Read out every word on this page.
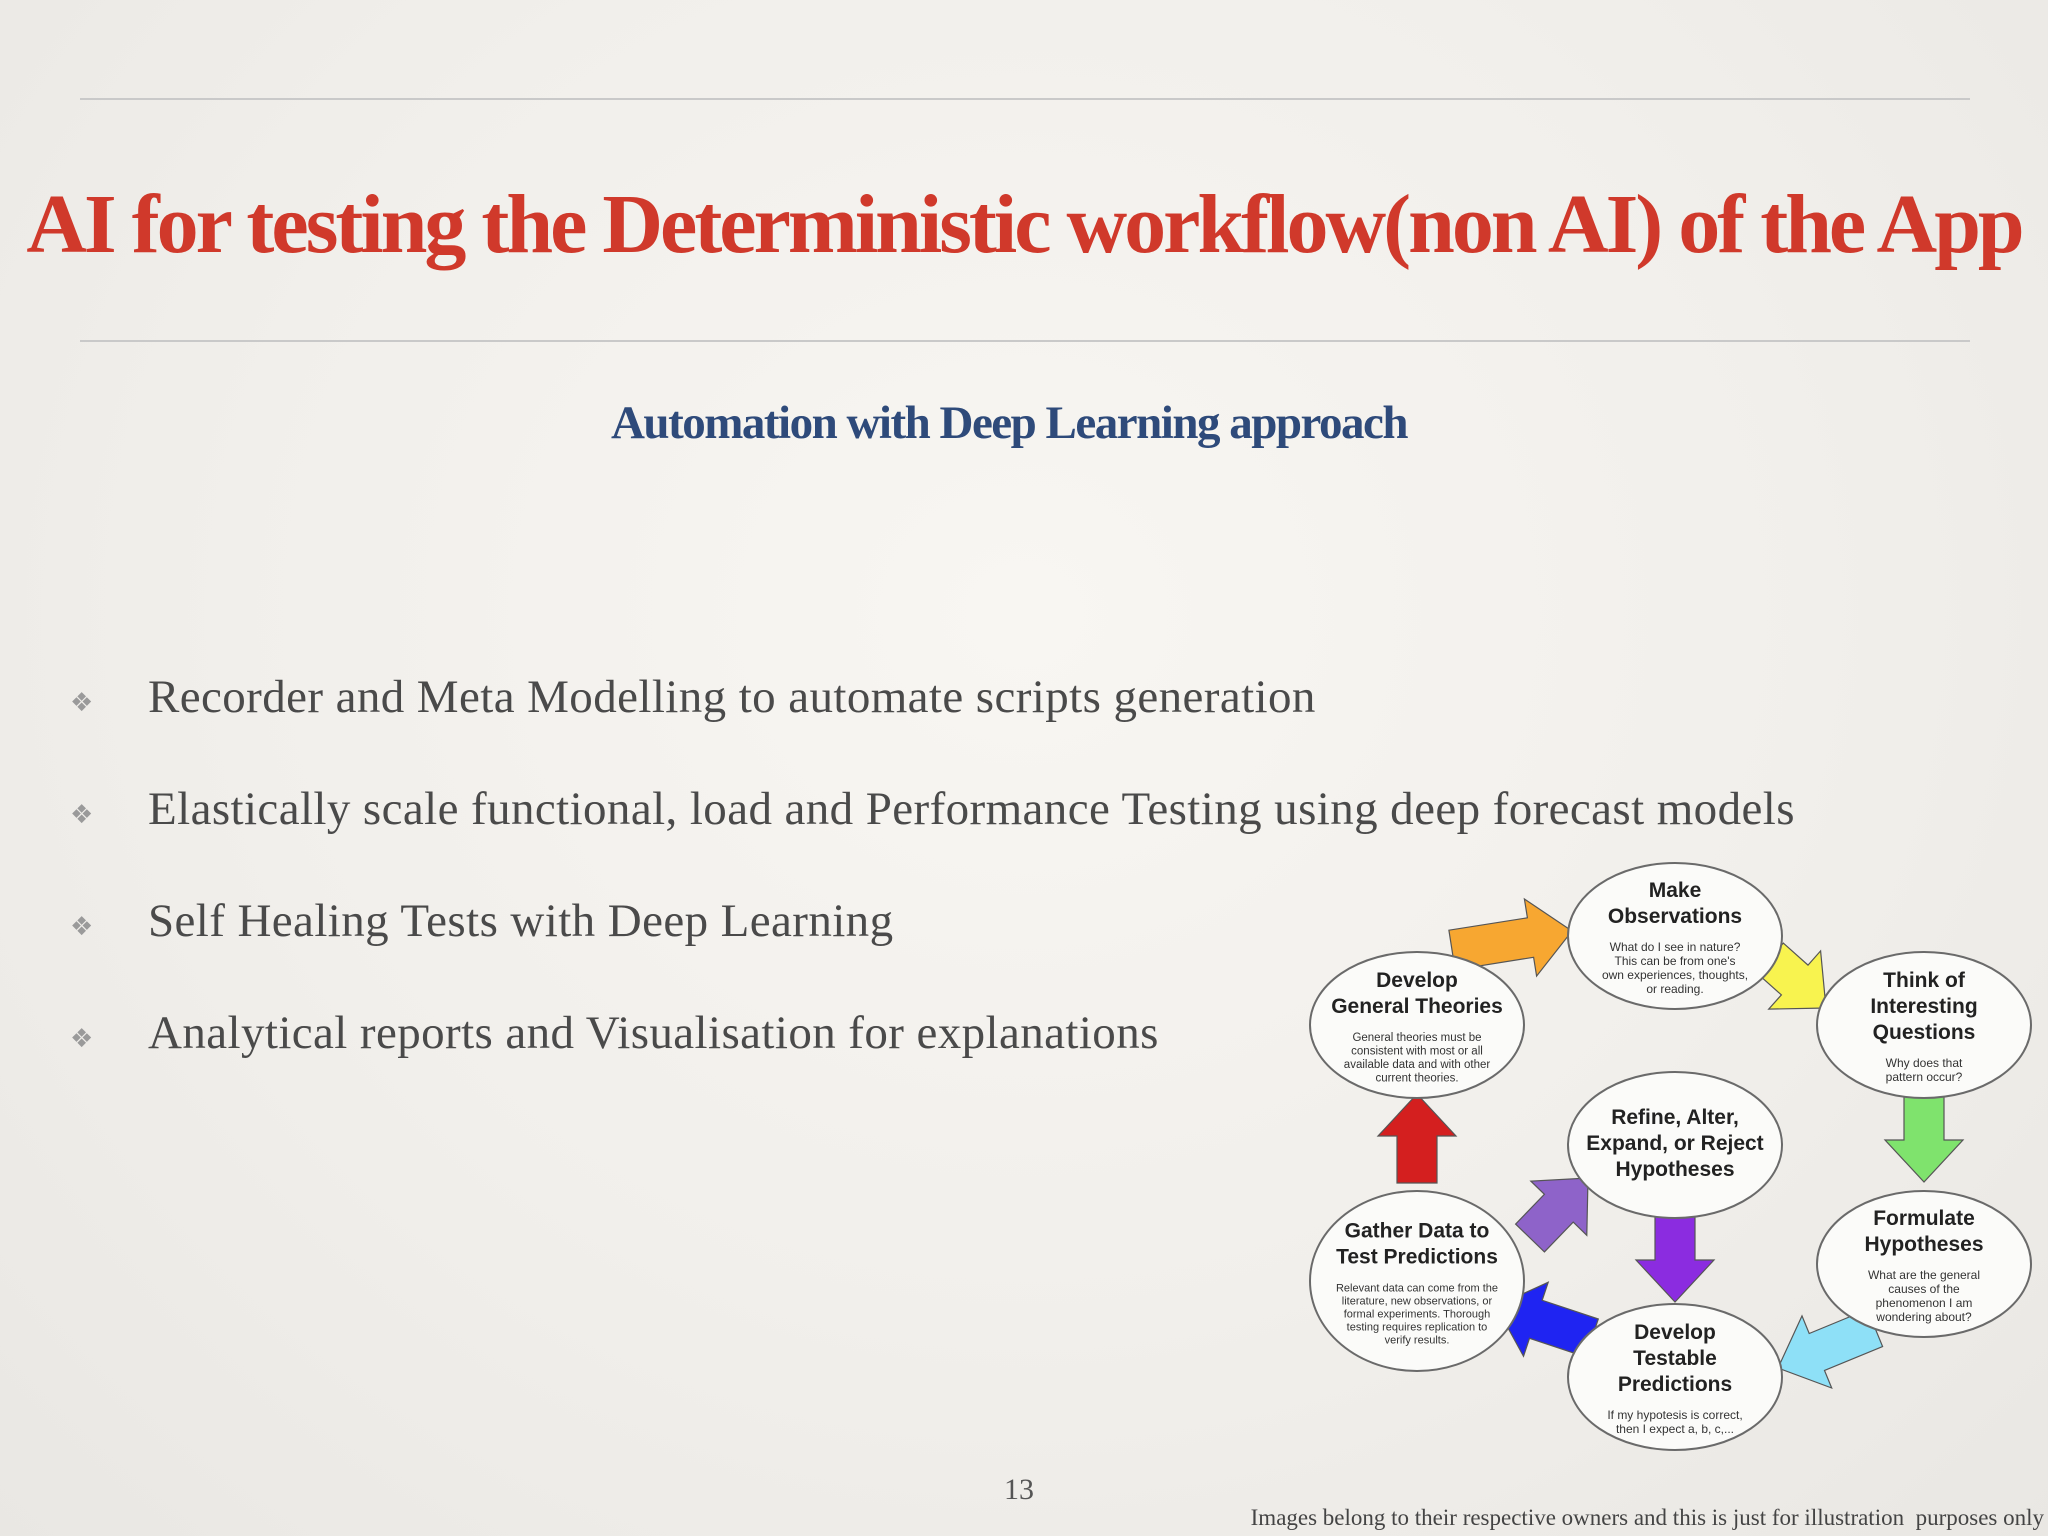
AI for testing the Deterministic workflow(non AI) of the App
Automation with Deep Learning approach
❖ Recorder and Meta Modelling to automate scripts generation
❖ Elastically scale functional, load and Performance Testing using deep forecast models
❖ Self Healing Tests with Deep Learning
❖ Analytical reports and Visualisation for explanations
Make
Observations
What do I see in nature?
This can be from one's
own experiences, thoughts,
or reading.	Think of
Interesting
Questions
Why does that
pattern occur?
Formulate
Hypotheses
What are the general
causes of the
phenomenon I am
wondering about?
Develop
Testable
Predictions
If my hypotesis is correct,
then I expect a, b, c,...
Gather Data to
Test Predictions
Relevant data can come from the
literature, new observations, or
formal experiments. Thorough
testing requires replication to
verify results.
Develop
General Theories
General theories must be
consistent with most or all
available data and with other
current theories.
Refine, Alter,
Expand, or Reject
Hypotheses
13
Images belong to their respective owners and this is just for illustration  purposes only
